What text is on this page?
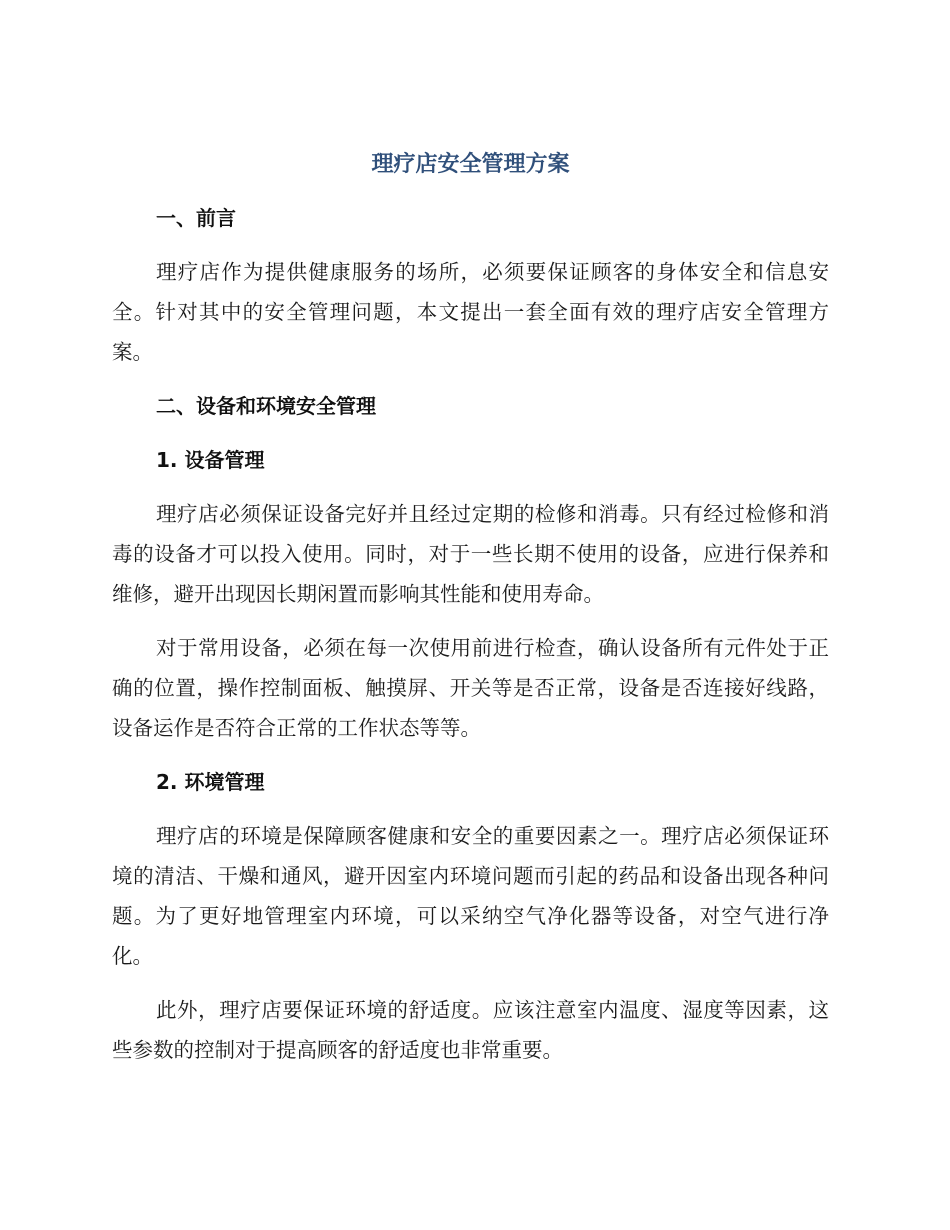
理疗店安全管理方案
一、前言

理疗店作为提供健康服务的场所，必须要保证顾客的身体安全和信息安全。针对其中的安全管理问题，本文提出一套全面有效的理疗店安全管理方案。

二、设备和环境安全管理
1. 设备管理

理疗店必须保证设备完好并且经过定期的检修和消毒。只有经过检修和消毒的设备才可以投入使用。同时，对于一些长期不使用的设备，应进行保养和维修，避开出现因长期闲置而影响其性能和使用寿命。

对于常用设备，必须在每一次使用前进行检查，确认设备所有元件处于正确的位置，操作控制面板、触摸屏、开关等是否正常，设备是否连接好线路，设备运作是否符合正常的工作状态等等。

2. 环境管理

理疗店的环境是保障顾客健康和安全的重要因素之一。理疗店必须保证环境的清洁、干燥和通风，避开因室内环境问题而引起的药品和设备出现各种问题。为了更好地管理室内环境，可以采纳空气净化器等设备，对空气进行净化。

此外，理疗店要保证环境的舒适度。应该注意室内温度、湿度等因素，这些参数的控制对于提高顾客的舒适度也非常重要。
